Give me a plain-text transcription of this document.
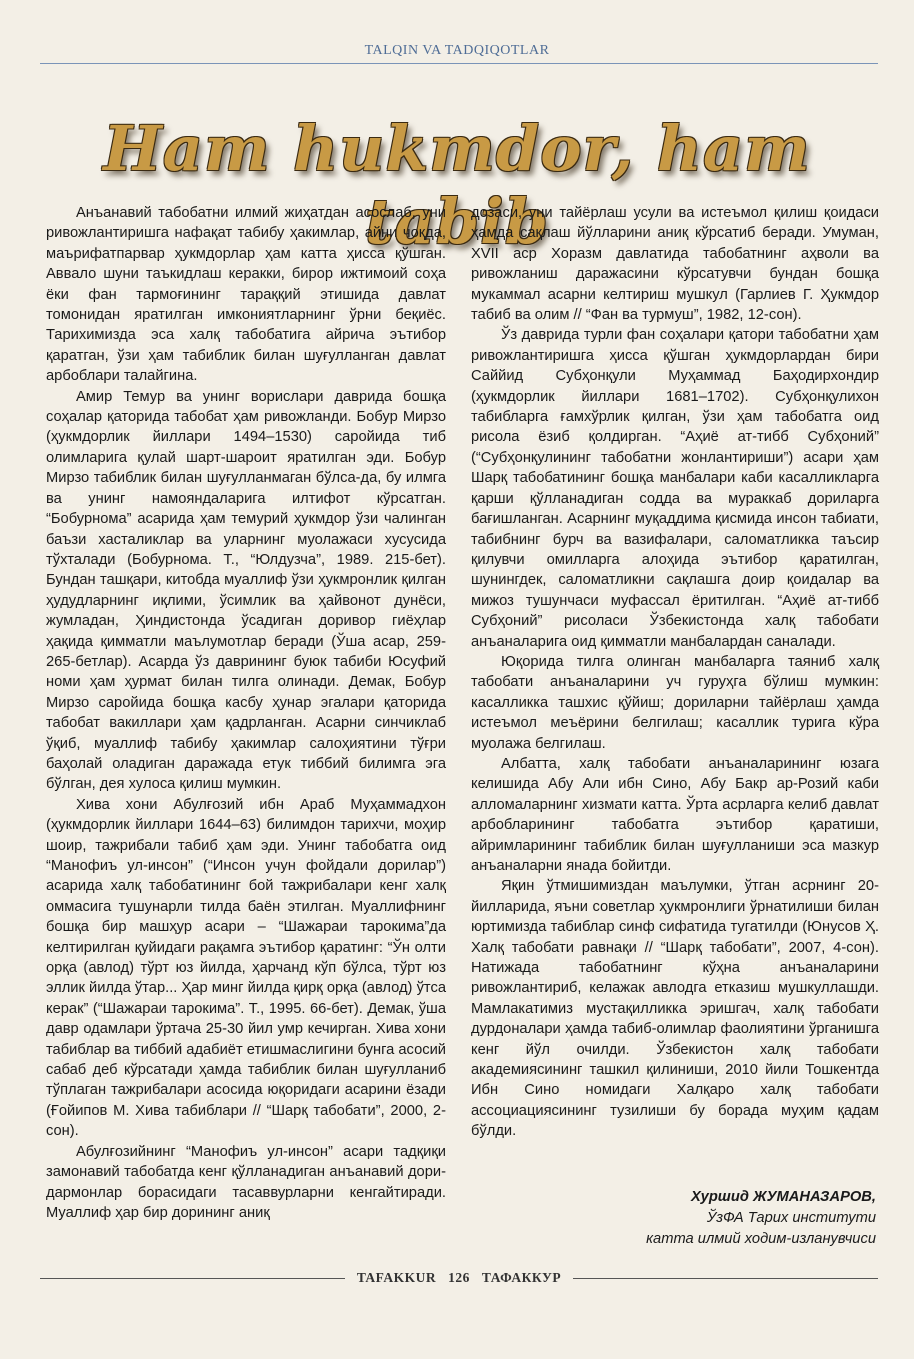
TALQIN VA TADQIQOTLAR
Ham hukmdor, ham tabib

Анъанавий табобатни илмий жиҳатдан асослаб, уни ривожлантиришга нафақат табибу ҳакимлар, айни чоқда, маърифатпарвар ҳукмдорлар ҳам катта ҳисса қўшган. Аввало шуни таъкидлаш керакки, бирор ижтимоий соҳа ёки фан тармоғининг тараққий этишида давлат томонидан яратилган имкониятларнинг ўрни беқиёс. Тарихимизда эса халқ табобатига айрича эътибор қаратган, ўзи ҳам табиблик билан шуғулланган давлат арбоблари талайгина.

Амир Темур ва унинг ворислари даврида бошқа соҳалар қаторида табобат ҳам ривожланди. Бобур Мирзо (ҳукмдорлик йиллари 1494–1530) саройида тиб олимларига қулай шарт-шароит яратилган эди. Бобур Мирзо табиблик билан шуғулланмаган бўлса-да, бу илмга ва унинг намояндаларига илтифот кўрсатган. “Бобурнома” асарида ҳам темурий ҳукмдор ўзи чалинган баъзи хасталиклар ва уларнинг муолажаси хусусида тўхталади (Бобурнома. Т., “Юлдузча”, 1989. 215-бет). Бундан ташқари, китобда муаллиф ўзи ҳукмронлик қилган ҳудудларнинг иқлими, ўсимлик ва ҳайвонот дунёси, жумладан, Ҳиндистонда ўсадиган доривор гиёҳлар ҳақида қимматли маълумотлар беради (Ўша асар, 259-265-бетлар). Асарда ўз даврининг буюк табиби Юсуфий номи ҳам ҳурмат билан тилга олинади. Демак, Бобур Мирзо саройида бошқа касбу ҳунар эгалари қаторида табобат вакиллари ҳам қадрланган. Асарни синчиклаб ўқиб, муаллиф табибу ҳакимлар салоҳиятини тўғри баҳолай оладиган даражада етук тиббий билимга эга бўлган, дея хулоса қилиш мумкин.

Хива хони Абулғозий ибн Араб Муҳаммадхон (ҳукмдорлик йиллари 1644–63) билимдон тарихчи, моҳир шоир, тажрибали табиб ҳам эди. Унинг табобатга оид “Манофиъ ул-инсон” (“Инсон учун фойдали дорилар”) асарида халқ табобатининг бой тажрибалари кенг халқ оммасига тушунарли тилда баён этилган. Муаллифнинг бошқа бир машҳур асари – “Шажараи тарокима”да келтирилган қуйидаги рақамга эътибор қаратинг: “Ўн олти орқа (авлод) тўрт юз йилда, ҳарчанд кўп бўлса, тўрт юз эллик йилда ўтар... Ҳар минг йилда қирқ орқа (авлод) ўтса керак” (“Шажараи тарокима”. Т., 1995. 66-бет). Демак, ўша давр одамлари ўртача 25-30 йил умр кечирган. Хива хони табиблар ва тиббий адабиёт етишмаслигини бунга асосий сабаб деб кўрсатади ҳамда табиблик билан шуғулланиб тўплаган тажрибалари асосида юқоридаги асарини ёзади (Ғойипов М. Хива табиблари // “Шарқ табобати”, 2000, 2-сон).

Абулғозийнинг “Манофиъ ул-инсон” асари тадқиқи замонавий табобатда кенг қўлланадиган анъанавий дори-дармонлар борасидаги тасаввурларни кенгайтиради. Муаллиф ҳар бир дорининг аниқ

дозаси, уни тайёрлаш усули ва истеъмол қилиш қоидаси ҳамда сақлаш йўлларини аниқ кўрсатиб беради. Умуман, XVII аср Хоразм давлатида табобатнинг аҳволи ва ривожланиш даражасини кўрсатувчи бундан бошқа мукаммал асарни келтириш мушкул (Гарлиев Г. Ҳукмдор табиб ва олим // “Фан ва турмуш”, 1982, 12-сон).

Ўз даврида турли фан соҳалари қатори табобатни ҳам ривожлантиришга ҳисса қўшган ҳукмдорлардан бири Саййид Субҳонқули Муҳаммад Баҳодирхондир (ҳукмдорлик йиллари 1681–1702). Субҳонқулихон табибларга ғамхўрлик қилган, ўзи ҳам табобатга оид рисола ёзиб қолдирган. “Аҳиё ат-тибб Субҳоний” (“Субҳонқулининг табобатни жонлантириши”) асари ҳам Шарқ табобатининг бошқа манбалари каби касалликларга қарши қўлланадиган содда ва мураккаб дориларга бағишланган. Асарнинг муқаддима қисмида инсон табиати, табибнинг бурч ва вазифалари, саломатликка таъсир қилувчи омилларга алоҳида эътибор қаратилган, шунингдек, саломатликни сақлашга доир қоидалар ва мижоз тушунчаси муфассал ёритилган. “Аҳиё ат-тибб Субҳоний” рисоласи Ўзбекистонда халқ табобати анъаналарига оид қимматли манбалардан саналади.

Юқорида тилга олинган манбаларга таяниб халқ табобати анъаналарини уч гуруҳга бўлиш мумкин: касалликка ташхис қўйиш; дориларни тайёрлаш ҳамда истеъмол меъёрини белгилаш; касаллик турига кўра муолажа белгилаш.

Албатта, халқ табобати анъаналарининг юзага келишида Абу Али ибн Сино, Абу Бакр ар-Розий каби алломаларнинг хизмати катта. Ўрта асрларга келиб давлат арбобларининг табобатга эътибор қаратиши, айримларининг табиблик билан шуғулланиши эса мазкур анъаналарни янада бойитди.

Яқин ўтмишимиздан маълумки, ўтган асрнинг 20-йилларида, яъни советлар ҳукмронлиги ўрнатилиши билан юртимизда табиблар синф сифатида тугатилди (Юнусов Ҳ. Халқ табобати равнақи // “Шарқ табобати”, 2007, 4-сон). Натижада табобатнинг кўҳна анъаналарини ривожлантириб, келажак авлодга етказиш мушкуллашди. Мамлакатимиз мустақилликка эришгач, халқ табобати дурдоналари ҳамда табиб-олимлар фаолиятини ўрганишга кенг йўл очилди. Ўзбекистон халқ табобати академиясининг ташкил қилиниши, 2010 йили Тошкентда Ибн Сино номидаги Халқаро халқ табобати ассоциациясининг тузилиши бу борада муҳим қадам бўлди.

Хуршид ЖУМАНАЗАРОВ,
ЎзФА Тарих институти
катта илмий ходим-изланувчиси
TAFAKKUR 126 ТАФАККУР
